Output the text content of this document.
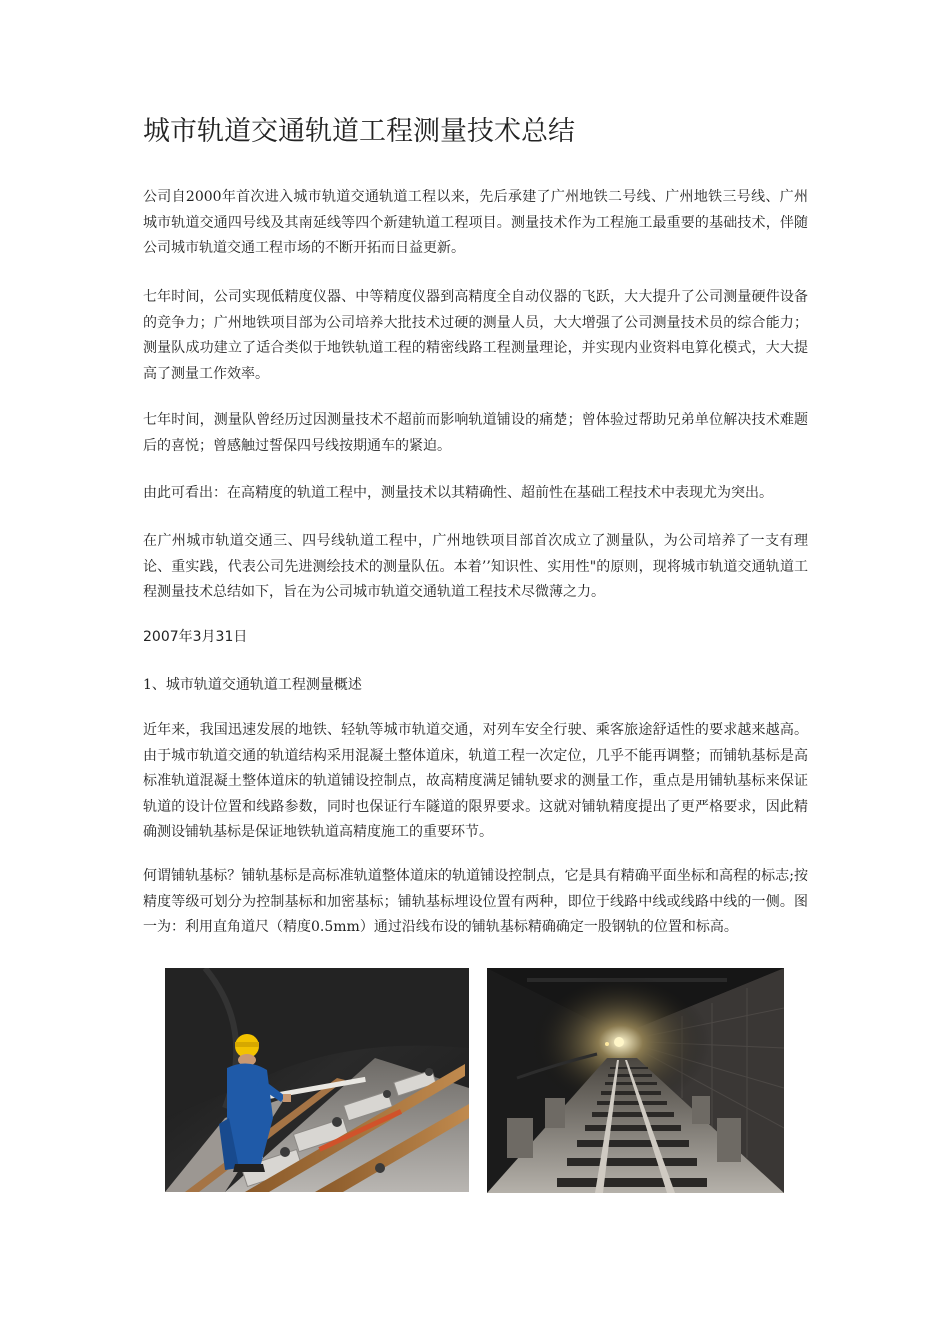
城市轨道交通轨道工程测量技术总结

公司自2000年首次进入城市轨道交通轨道工程以来，先后承建了广州地铁二号线、广州地铁三号线、广州城市轨道交通四号线及其南延线等四个新建轨道工程项目。测量技术作为工程施工最重要的基础技术，伴随公司城市轨道交通工程市场的不断开拓而日益更新。

七年时间，公司实现低精度仪器、中等精度仪器到高精度全自动仪器的飞跃，大大提升了公司测量硬件设备的竞争力；广州地铁项目部为公司培养大批技术过硬的测量人员，大大增强了公司测量技术员的综合能力；测量队成功建立了适合类似于地铁轨道工程的精密线路工程测量理论，并实现内业资料电算化模式，大大提高了测量工作效率。

七年时间，测量队曾经历过因测量技术不超前而影响轨道铺设的痛楚；曾体验过帮助兄弟单位解决技术难题后的喜悦；曾感触过誓保四号线按期通车的紧迫。

由此可看出：在高精度的轨道工程中，测量技术以其精确性、超前性在基础工程技术中表现尤为突出。

在广州城市轨道交通三、四号线轨道工程中，广州地铁项目部首次成立了测量队，为公司培养了一支有理论、重实践，代表公司先进测绘技术的测量队伍。本着’’知识性、实用性"的原则，现将城市轨道交通轨道工程测量技术总结如下，旨在为公司城市轨道交通轨道工程技术尽微薄之力。

2007年3月31日

1、城市轨道交通轨道工程测量概述

近年来，我国迅速发展的地铁、轻轨等城市轨道交通，对列车安全行驶、乘客旅途舒适性的要求越来越高。由于城市轨道交通的轨道结构采用混凝土整体道床，轨道工程一次定位，几乎不能再调整；而铺轨基标是高标准轨道混凝土整体道床的轨道铺设控制点，故高精度满足铺轨要求的测量工作，重点是用铺轨基标来保证轨道的设计位置和线路参数，同时也保证行车隧道的限界要求。这就对铺轨精度提出了更严格要求，因此精确测设铺轨基标是保证地铁轨道高精度施工的重要环节。

何谓铺轨基标？铺轨基标是高标准轨道整体道床的轨道铺设控制点，它是具有精确平面坐标和高程的标志;按精度等级可划分为控制基标和加密基标；铺轨基标埋设位置有两种，即位于线路中线或线路中线的一侧。图一为：利用直角道尺（精度0.5mm）通过沿线布设的铺轨基标精确确定一股钢轨的位置和标高。
